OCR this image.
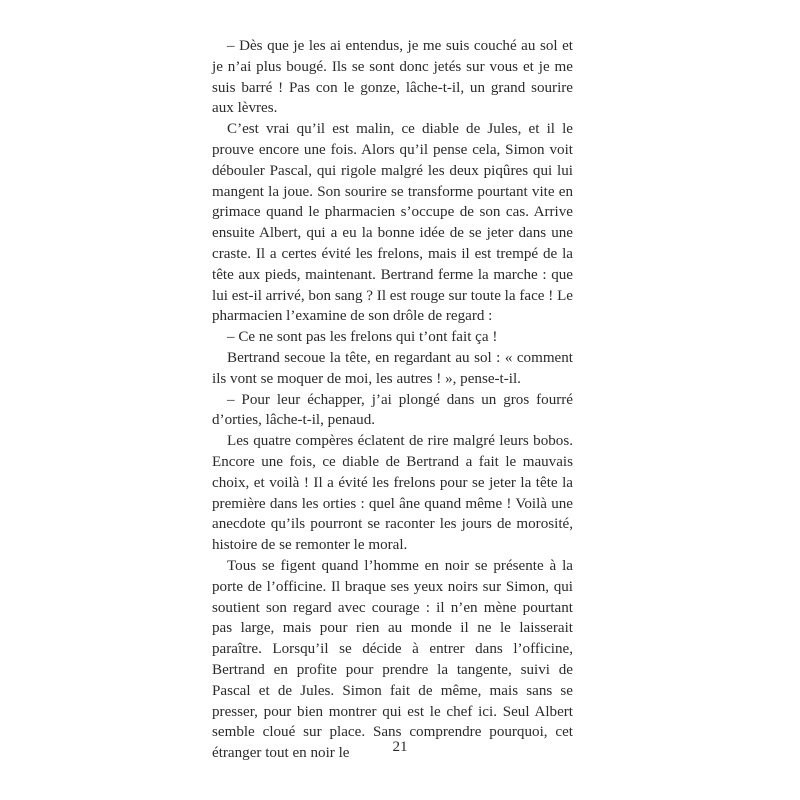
– Dès que je les ai entendus, je me suis couché au sol et je n’ai plus bougé. Ils se sont donc jetés sur vous et je me suis barré ! Pas con le gonze, lâche-t-il, un grand sourire aux lèvres.

C’est vrai qu’il est malin, ce diable de Jules, et il le prouve encore une fois. Alors qu’il pense cela, Simon voit débouler Pascal, qui rigole malgré les deux piqûres qui lui mangent la joue. Son sourire se transforme pourtant vite en grimace quand le pharmacien s’occupe de son cas. Arrive ensuite Albert, qui a eu la bonne idée de se jeter dans une craste. Il a certes évité les frelons, mais il est trempé de la tête aux pieds, maintenant. Bertrand ferme la marche : que lui est-il arrivé, bon sang ? Il est rouge sur toute la face ! Le pharmacien l’examine de son drôle de regard :

– Ce ne sont pas les frelons qui t’ont fait ça !

Bertrand secoue la tête, en regardant au sol : « comment ils vont se moquer de moi, les autres ! », pense-t-il.

– Pour leur échapper, j’ai plongé dans un gros fourré d’orties, lâche-t-il, penaud.

Les quatre compères éclatent de rire malgré leurs bobos. Encore une fois, ce diable de Bertrand a fait le mauvais choix, et voilà ! Il a évité les frelons pour se jeter la tête la première dans les orties : quel âne quand même ! Voilà une anecdote qu’ils pourront se raconter les jours de morosité, histoire de se remonter le moral.

Tous se figent quand l’homme en noir se présente à la porte de l’officine. Il braque ses yeux noirs sur Simon, qui soutient son regard avec courage : il n’en mène pourtant pas large, mais pour rien au monde il ne le laisserait paraître. Lorsqu’il se décide à entrer dans l’officine, Bertrand en profite pour prendre la tangente, suivi de Pascal et de Jules. Simon fait de même, mais sans se presser, pour bien montrer qui est le chef ici. Seul Albert semble cloué sur place. Sans comprendre pourquoi, cet étranger tout en noir le	21
